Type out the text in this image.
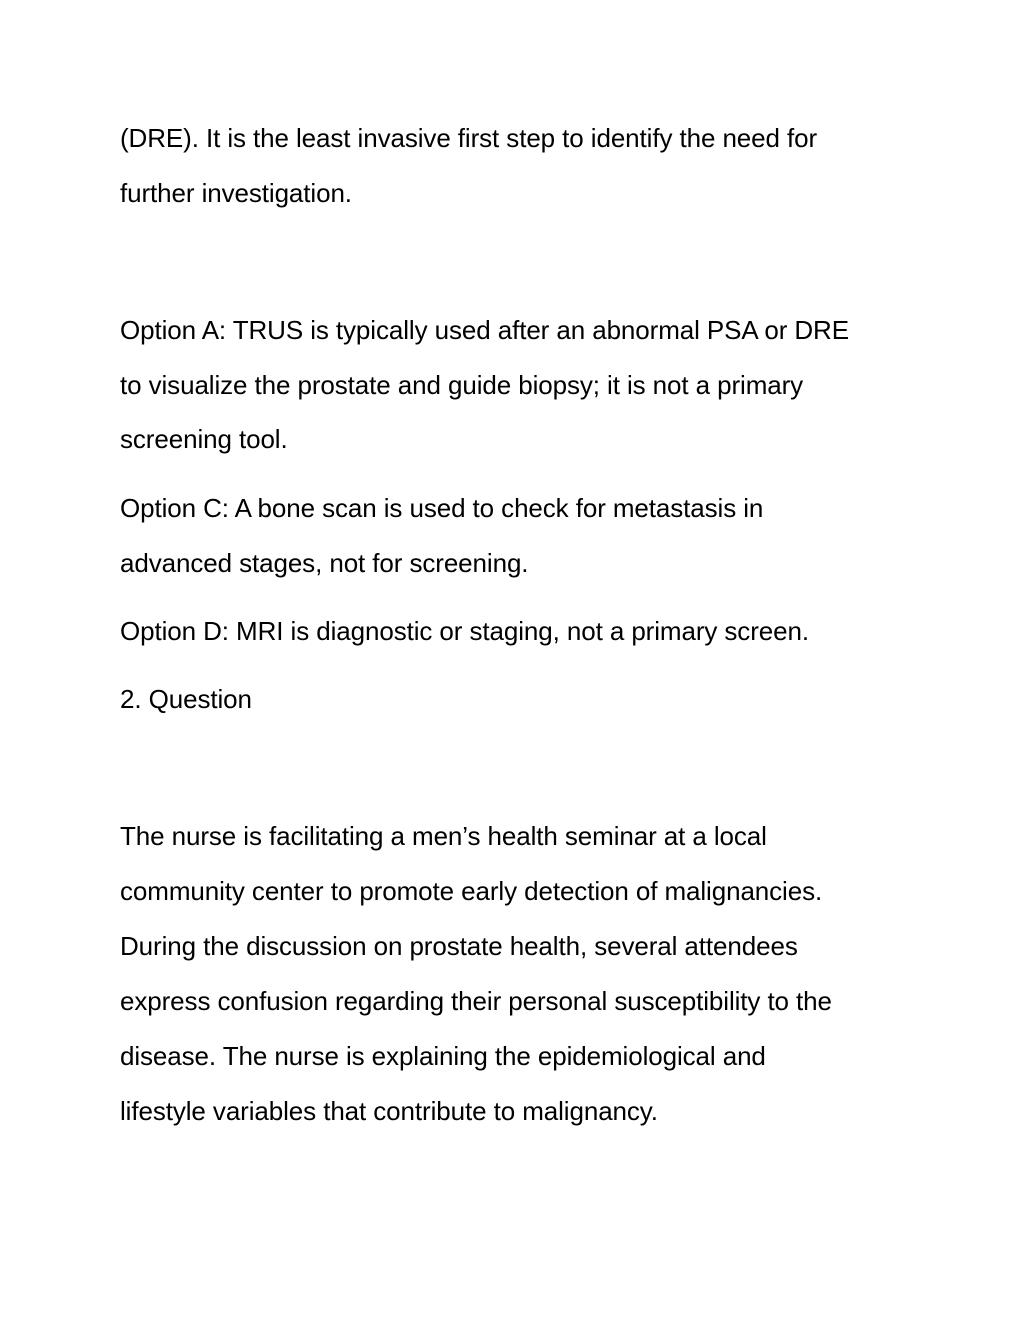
(DRE). It is the least invasive first step to identify the need for
further investigation.
Option A: TRUS is typically used after an abnormal PSA or DRE
to visualize the prostate and guide biopsy; it is not a primary
screening tool.
Option C: A bone scan is used to check for metastasis in
advanced stages, not for screening.
Option D: MRI is diagnostic or staging, not a primary screen.
2. Question
The nurse is facilitating a men’s health seminar at a local
community center to promote early detection of malignancies.
During the discussion on prostate health, several attendees
express confusion regarding their personal susceptibility to the
disease. The nurse is explaining the epidemiological and
lifestyle variables that contribute to malignancy.
